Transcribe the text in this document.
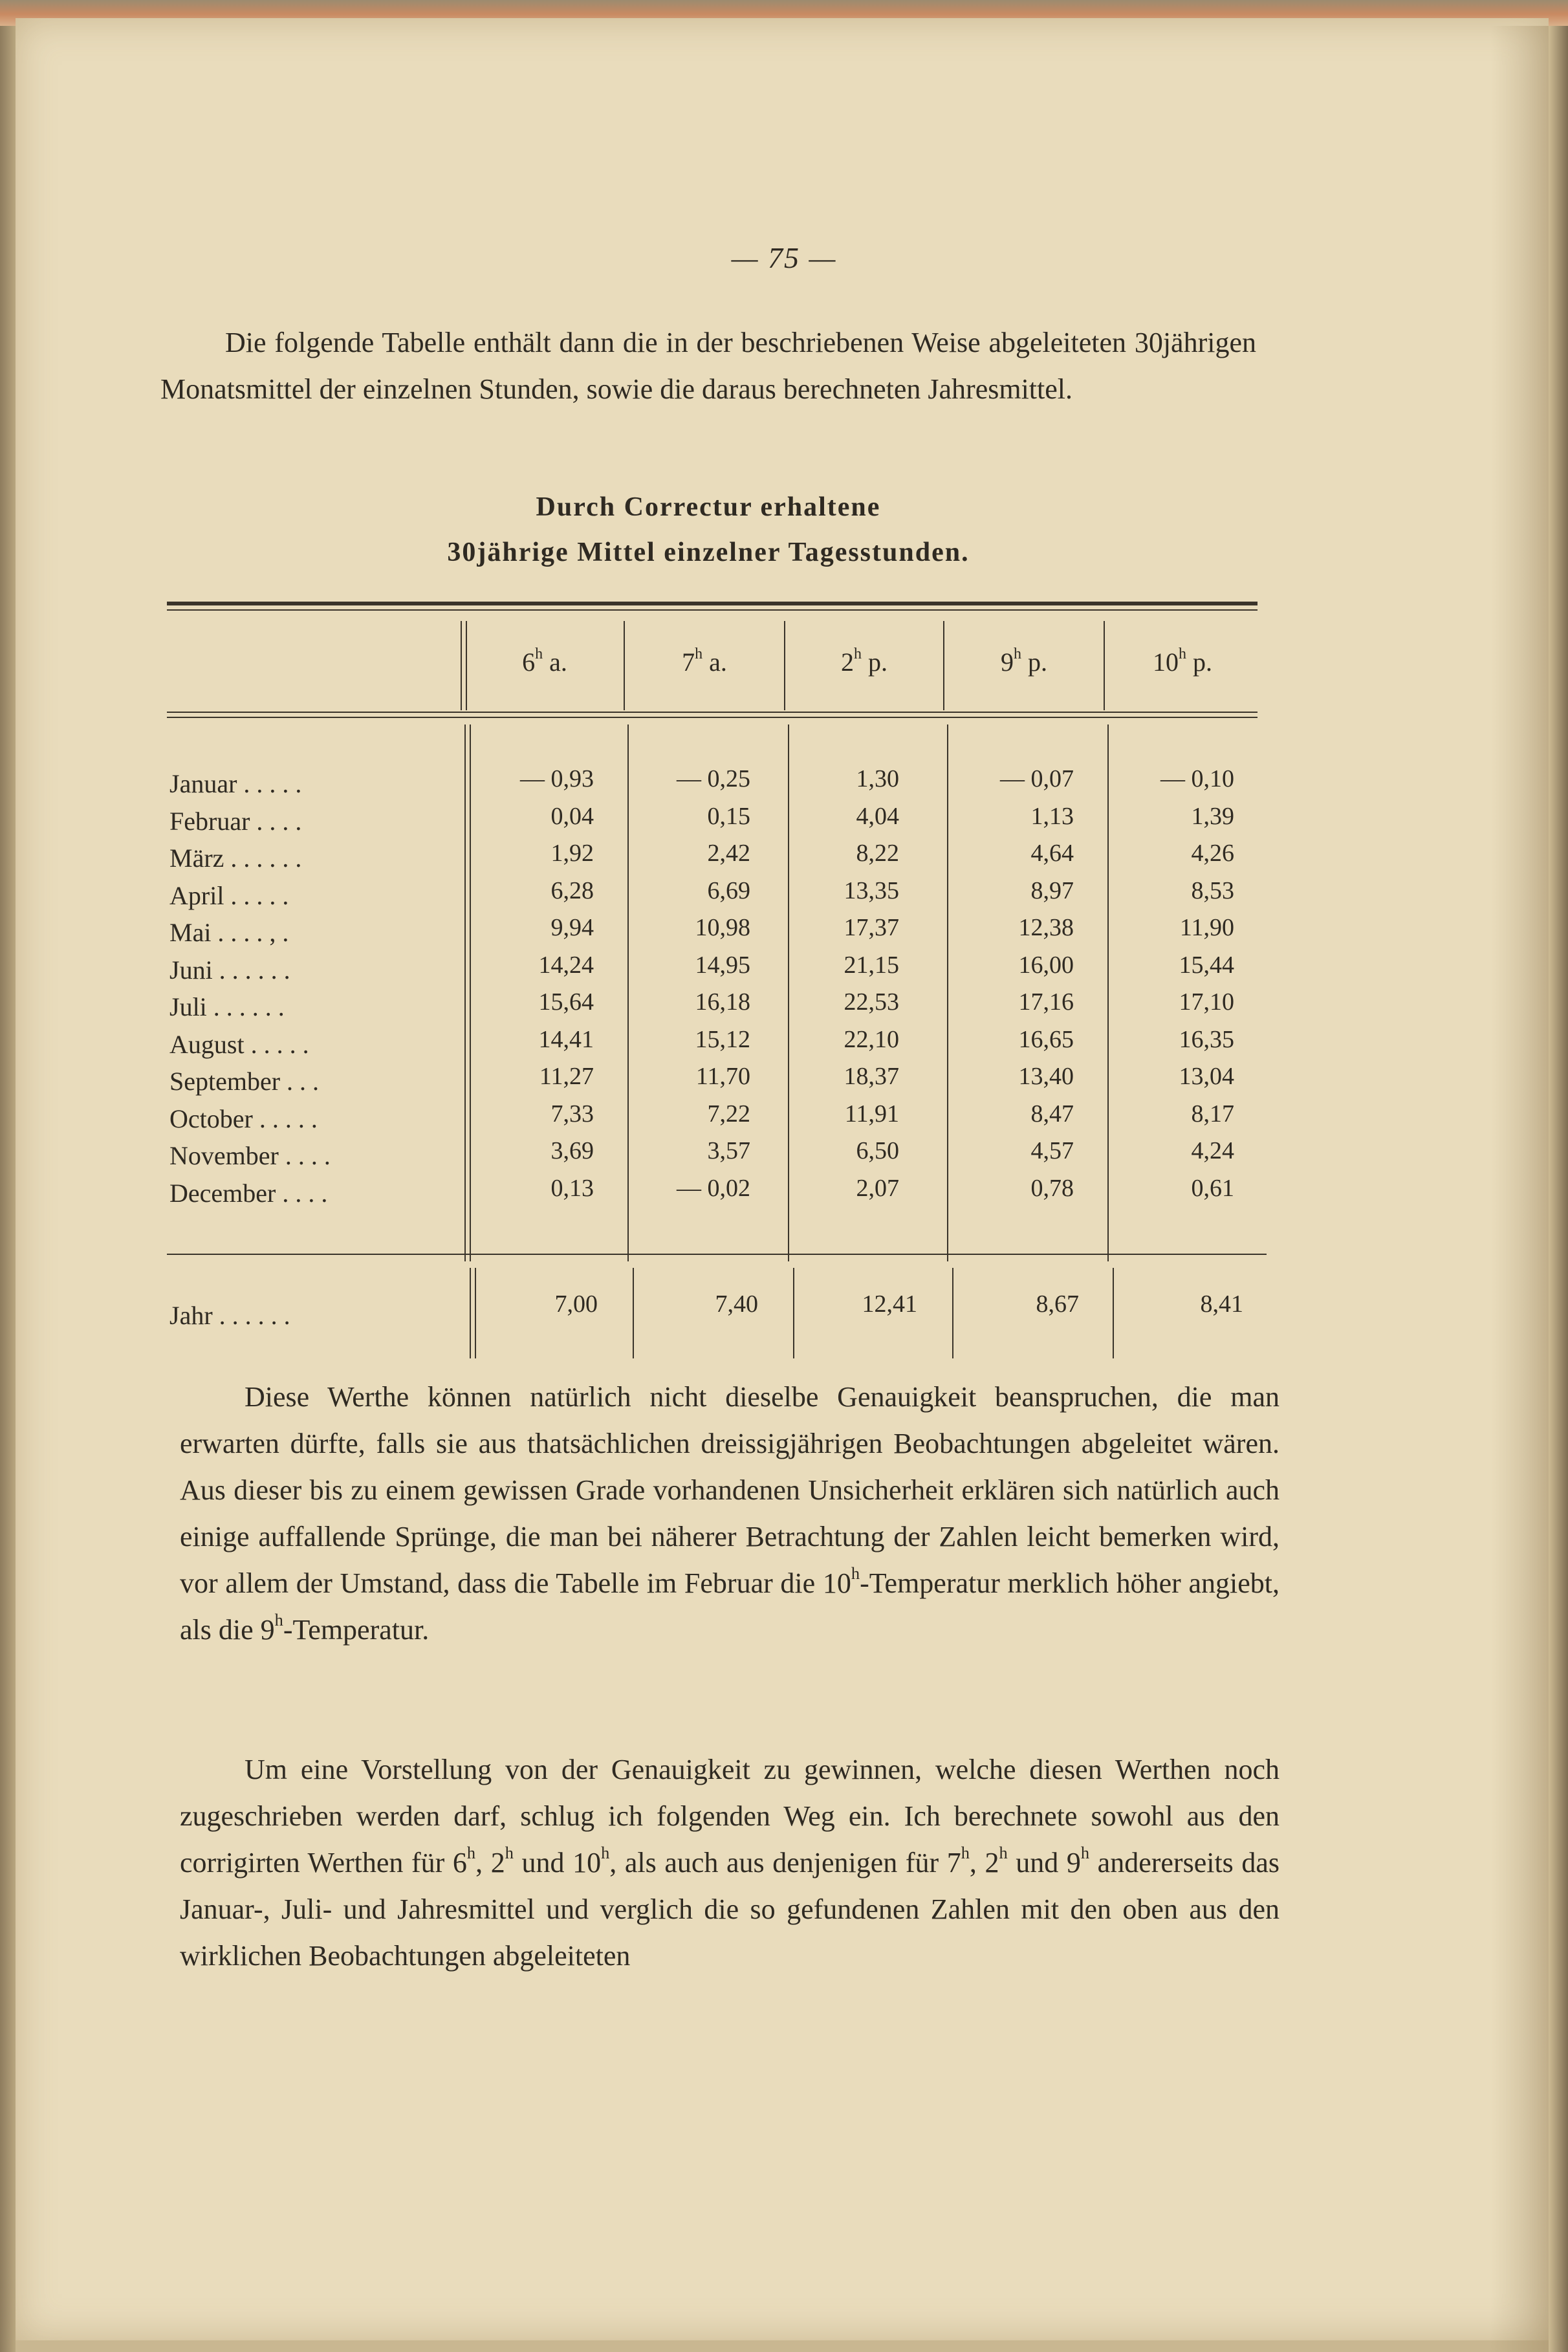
— 75 —
Die folgende Tabelle enthält dann die in der beschriebenen Weise abgeleiteten 30jährigen Monatsmittel der einzelnen Stunden, sowie die daraus berechneten Jahresmittel.
Durch Correctur erhaltene
30jährige Mittel einzelner Tagesstunden.
6$^h$ a.	7$^h$ a.	2$^h$ p.	9$^h$ p.	10$^h$ p.
Januar . . . . .	— 0,93	— 0,25	1,30	— 0,07	— 0,10
Februar . . . .	0,04	0,15	4,04	1,13	1,39
März . . . . . .	1,92	2,42	8,22	4,64	4,26
April . . . . .	6,28	6,69	13,35	8,97	8,53
Mai . . . . , .	9,94	10,98	17,37	12,38	11,90
Juni . . . . . .	14,24	14,95	21,15	16,00	15,44
Juli . . . . . .	15,64	16,18	22,53	17,16	17,10
August . . . . .	14,41	15,12	22,10	16,65	16,35
September . . .	11,27	11,70	18,37	13,40	13,04
October . . . . .	7,33	7,22	11,91	8,47	8,17
November . . . .	3,69	3,57	6,50	4,57	4,24
December . . . .	0,13	— 0,02	2,07	0,78	0,61
Jahr . . . . . .	7,00	7,40	12,41	8,67	8,41
Diese Werthe können natürlich nicht dieselbe Genauigkeit beanspruchen, die man erwarten dürfte, falls sie aus thatsächlichen dreissigjährigen Beobachtungen abgeleitet wären. Aus dieser bis zu einem gewissen Grade vorhandenen Unsicherheit erklären sich natürlich auch einige auffallende Sprünge, die man bei näherer Betrachtung der Zahlen leicht bemerken wird, vor allem der Umstand, dass die Tabelle im Februar die 10$^h$-Temperatur merklich höher angiebt, als die 9$^h$-Temperatur.
Um eine Vorstellung von der Genauigkeit zu gewinnen, welche diesen Werthen noch zugeschrieben werden darf, schlug ich folgenden Weg ein. Ich berechnete sowohl aus den corrigirten Werthen für 6$^h$, 2$^h$ und 10$^h$, als auch aus denjenigen für 7$^h$, 2$^h$ und 9$^h$ andererseits das Januar-, Juli- und Jahresmittel und verglich die so gefundenen Zahlen mit den oben aus den wirklichen Beobachtungen abgeleiteten
